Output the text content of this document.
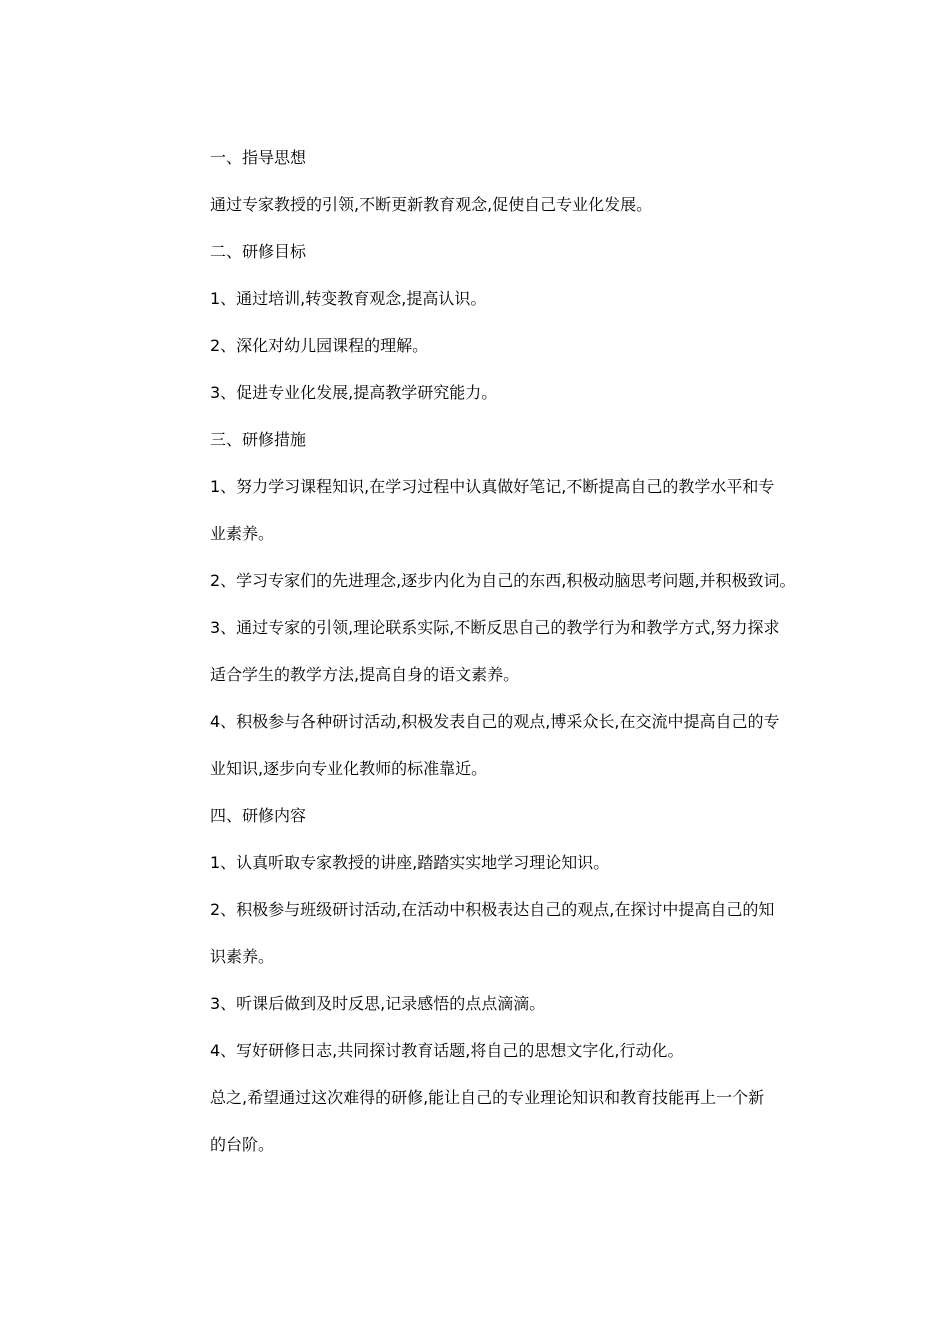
一、指导思想
通过专家教授的引领,不断更新教育观念,促使自己专业化发展。
二、研修目标
1、通过培训,转变教育观念,提高认识。
2、深化对幼儿园课程的理解。
3、促进专业化发展,提高教学研究能力。
三、研修措施
1、努力学习课程知识,在学习过程中认真做好笔记,不断提高自己的教学水平和专
业素养。
2、学习专家们的先进理念,逐步内化为自己的东西,积极动脑思考问题,并积极致词。
3、通过专家的引领,理论联系实际,不断反思自己的教学行为和教学方式,努力探求
适合学生的教学方法,提高自身的语文素养。
4、积极参与各种研讨活动,积极发表自己的观点,博采众长,在交流中提高自己的专
业知识,逐步向专业化教师的标准靠近。
四、研修内容
1、认真听取专家教授的讲座,踏踏实实地学习理论知识。
2、积极参与班级研讨活动,在活动中积极表达自己的观点,在探讨中提高自己的知
识素养。
3、听课后做到及时反思,记录感悟的点点滴滴。
4、写好研修日志,共同探讨教育话题,将自己的思想文字化,行动化。
总之,希望通过这次难得的研修,能让自己的专业理论知识和教育技能再上一个新
的台阶。
